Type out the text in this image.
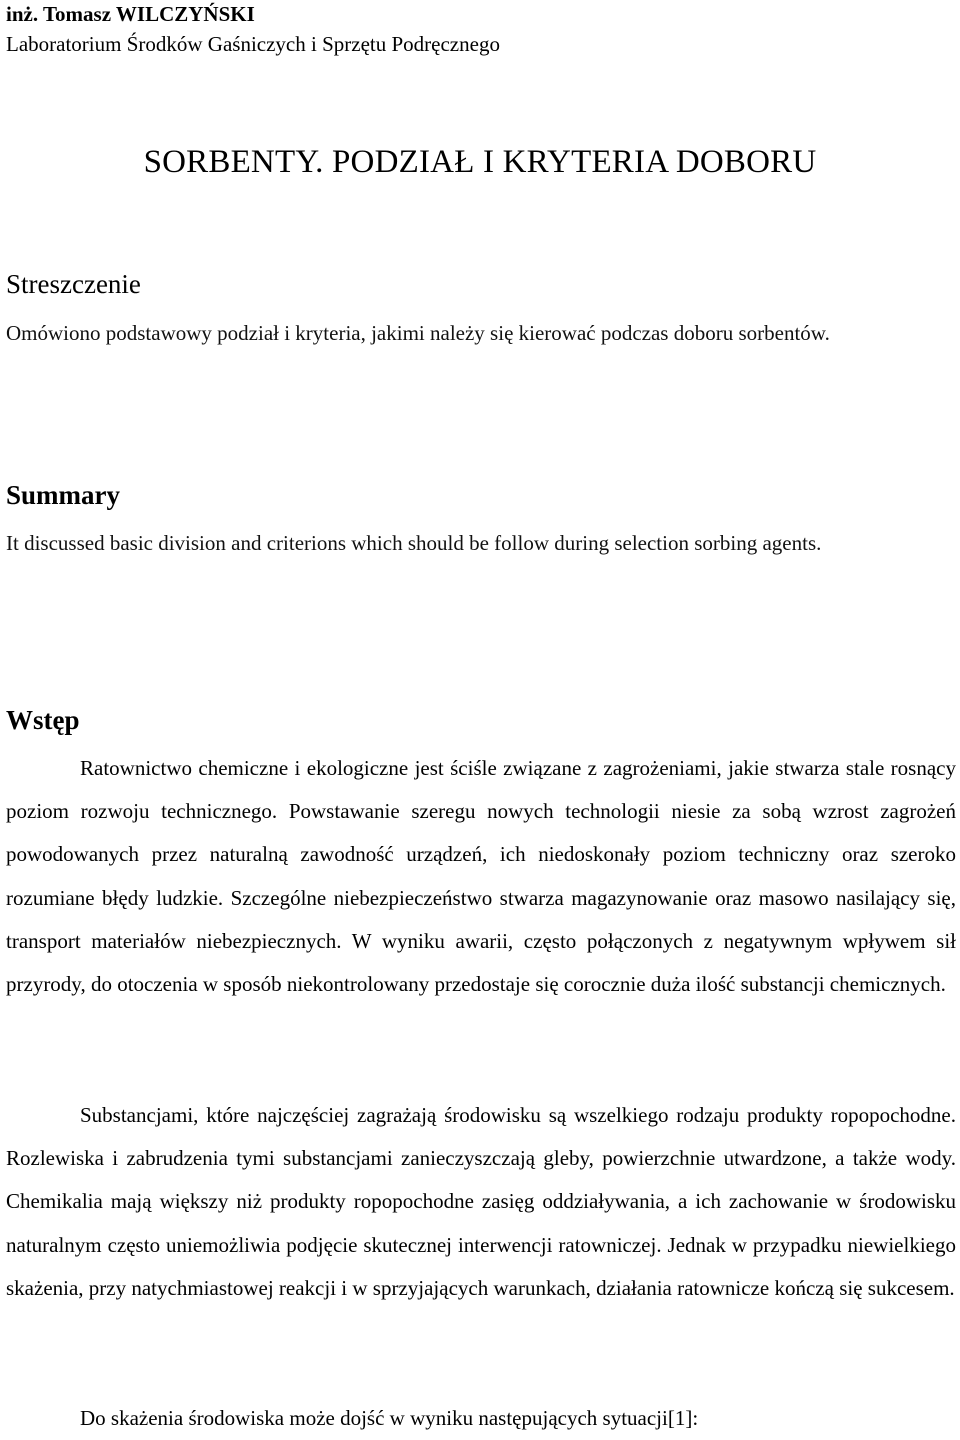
inż. Tomasz WILCZYŃSKI

Laboratorium Środków Gaśniczych i Sprzętu Podręcznego

SORBENTY. PODZIAŁ I KRYTERIA DOBORU
Streszczenie

Omówiono podstawowy podział i kryteria, jakimi należy się kierować podczas doboru sorbentów.

Summary

It discussed basic division and criterions which should be follow during selection sorbing agents.

Wstęp

Ratownictwo chemiczne i ekologiczne jest ściśle związane z zagrożeniami, jakie stwarza stale rosnący poziom rozwoju technicznego. Powstawanie szeregu nowych technologii niesie za sobą wzrost zagrożeń powodowanych przez naturalną zawodność urządzeń, ich niedoskonały poziom techniczny oraz szeroko rozumiane błędy ludzkie. Szczególne niebezpieczeństwo stwarza magazynowanie oraz masowo nasilający się, transport materiałów niebezpiecznych. W wyniku awarii, często połączonych z negatywnym wpływem sił przyrody, do otoczenia w sposób niekontrolowany przedostaje się corocznie duża ilość substancji chemicznych.

Substancjami, które najczęściej zagrażają środowisku są wszelkiego rodzaju produkty ropopochodne. Rozlewiska i zabrudzenia tymi substancjami zanieczyszczają gleby, powierzchnie utwardzone, a także wody. Chemikalia mają większy niż produkty ropopochodne zasięg oddziaływania, a ich zachowanie w środowisku naturalnym często uniemożliwia podjęcie skutecznej interwencji ratowniczej. Jednak w przypadku niewielkiego skażenia, przy natychmiastowej reakcji i w sprzyjających warunkach, działania ratownicze kończą się sukcesem.

Do skażenia środowiska może dojść w wyniku następujących sytuacji[1]:
